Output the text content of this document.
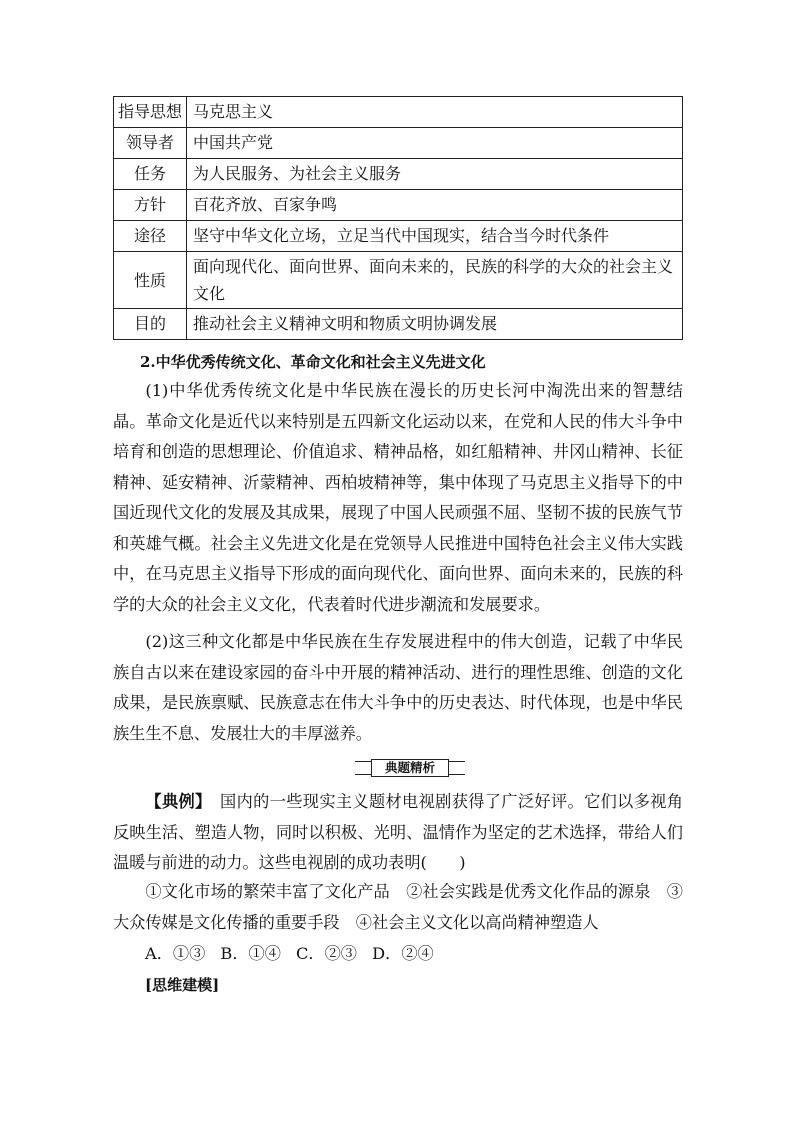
指导思想	马克思主义
领导者	中国共产党
任务	为人民服务、为社会主义服务
方针	百花齐放、百家争鸣
途径	坚守中华文化立场，立足当代中国现实，结合当今时代条件
性质	面向现代化、面向世界、面向未来的，民族的科学的大众的社会主义文化
目的	推动社会主义精神文明和物质文明协调发展

2.中华优秀传统文化、革命文化和社会主义先进文化

(1)中华优秀传统文化是中华民族在漫长的历史长河中淘洗出来的智慧结晶。革命文化是近代以来特别是五四新文化运动以来，在党和人民的伟大斗争中培育和创造的思想理论、价值追求、精神品格，如红船精神、井冈山精神、长征精神、延安精神、沂蒙精神、西柏坡精神等，集中体现了马克思主义指导下的中国近现代文化的发展及其成果，展现了中国人民顽强不屈、坚韧不拔的民族气节和英雄气概。社会主义先进文化是在党领导人民推进中国特色社会主义伟大实践中，在马克思主义指导下形成的面向现代化、面向世界、面向未来的，民族的科学的大众的社会主义文化，代表着时代进步潮流和发展要求。

(2)这三种文化都是中华民族在生存发展进程中的伟大创造，记载了中华民族自古以来在建设家园的奋斗中开展的精神活动、进行的理性思维、创造的文化成果，是民族禀赋、民族意志在伟大斗争中的历史表达、时代体现，也是中华民族生生不息、发展壮大的丰厚滋养。

典题精析

【典例】　国内的一些现实主义题材电视剧获得了广泛好评。它们以多视角反映生活、塑造人物，同时以积极、光明、温情作为坚定的艺术选择，带给人们温暖与前进的动力。这些电视剧的成功表明(　　)

①文化市场的繁荣丰富了文化产品　②社会实践是优秀文化作品的源泉　③大众传媒是文化传播的重要手段　④社会主义文化以高尚精神塑造人

A．①③ B．①④ C．②③ D．②④

[思维建模]
